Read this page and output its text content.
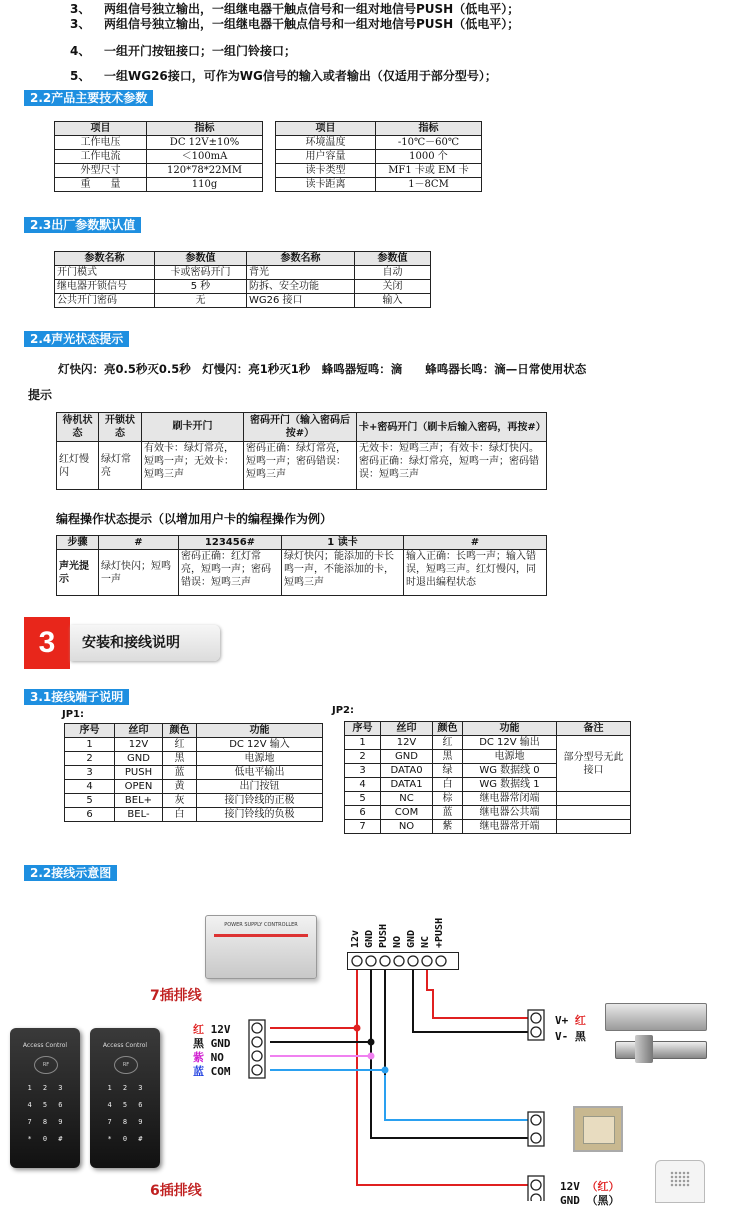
3、 两组信号独立输出，一组继电器干触点信号和一组对地信号PUSH（低电平）；
3、 两组信号独立输出，一组继电器干触点信号和一组对地信号PUSH（低电平）；
4、 一组开门按钮接口；一组门铃接口；
5、 一组WG26接口，可作为WG信号的输入或者输出（仅适用于部分型号）；
2.2产品主要技术参数
项目	指标
工作电压	DC 12V±10%
工作电流	＜100mA
外型尺寸	120*78*22MM
重　　量	110g
项目	指标
环境温度	-10℃－60℃
用户容量	1000 个
读卡类型	MF1 卡或 EM 卡
读卡距离	1－8CM
2.3出厂参数默认值
参数名称	参数值	参数名称	参数值
开门模式	卡或密码开门	背光	自动
继电器开锁信号	5 秒	防拆、安全功能	关闭
公共开门密码	无	WG26 接口	输入
2.4声光状态提示
灯快闪：亮0.5秒灭0.5秒　灯慢闪：亮1秒灭1秒　蜂鸣器短鸣：滴　　蜂鸣器长鸣：滴—日常使用状态
提示
待机状态	开锁状态	刷卡开门	密码开门（输入密码后按#）	卡+密码开门（刷卡后输入密码，再按#）
红灯慢闪	绿灯常亮	有效卡：绿灯常亮，短鸣一声；无效卡：短鸣三声	密码正确：绿灯常亮，短鸣一声；密码错误：短鸣三声	无效卡：短鸣三声；有效卡：绿灯快闪。密码正确：绿灯常亮，短鸣一声；密码错误：短鸣三声
编程操作状态提示（以增加用户卡的编程操作为例）
步骤	#	123456#	1 读卡	#
声光提示	绿灯快闪；短鸣一声	密码正确：红灯常亮，短鸣一声；密码错误：短鸣三声	绿灯快闪；能添加的卡长鸣一声，不能添加的卡，短鸣三声	输入正确：长鸣一声；输入错误，短鸣三声。红灯慢闪，同时退出编程状态
3	安装和接线说明
3.1接线端子说明
JP1:	JP2:
序号	丝印	颜色	功能
1	12V	红	DC 12V 输入
2	GND	黑	电源地
3	PUSH	蓝	低电平输出
4	OPEN	黄	出门按钮
5	BEL+	灰	接门铃线的正极
6	BEL-	白	接门铃线的负极
序号	丝印	颜色	功能	备注
1	12V	红	DC 12V 输出	部分型号无此接口
2	GND	黑	电源地	
3	DATA0	绿	WG 数据线 0	
4	DATA1	白	WG 数据线 1	
5	NC	棕	继电器常闭端	
6	COM	蓝	继电器公共端	
7	NO	紫	继电器常开端	
2.2接线示意图
POWER SUPPLY CONTROLLER
7插排线
6插排线
12v GND PUSH NO GND NC +PUSH
红 12V
黑 GND
紫 NO
蓝 COM
V+ 红
V- 黑
12V （红）
GND （黑）
Access Control
RF
1	2	3
4	5	6
7	8	9
*	0	#
Access Control
RF
1	2	3
4	5	6
7	8	9
*	0	#
